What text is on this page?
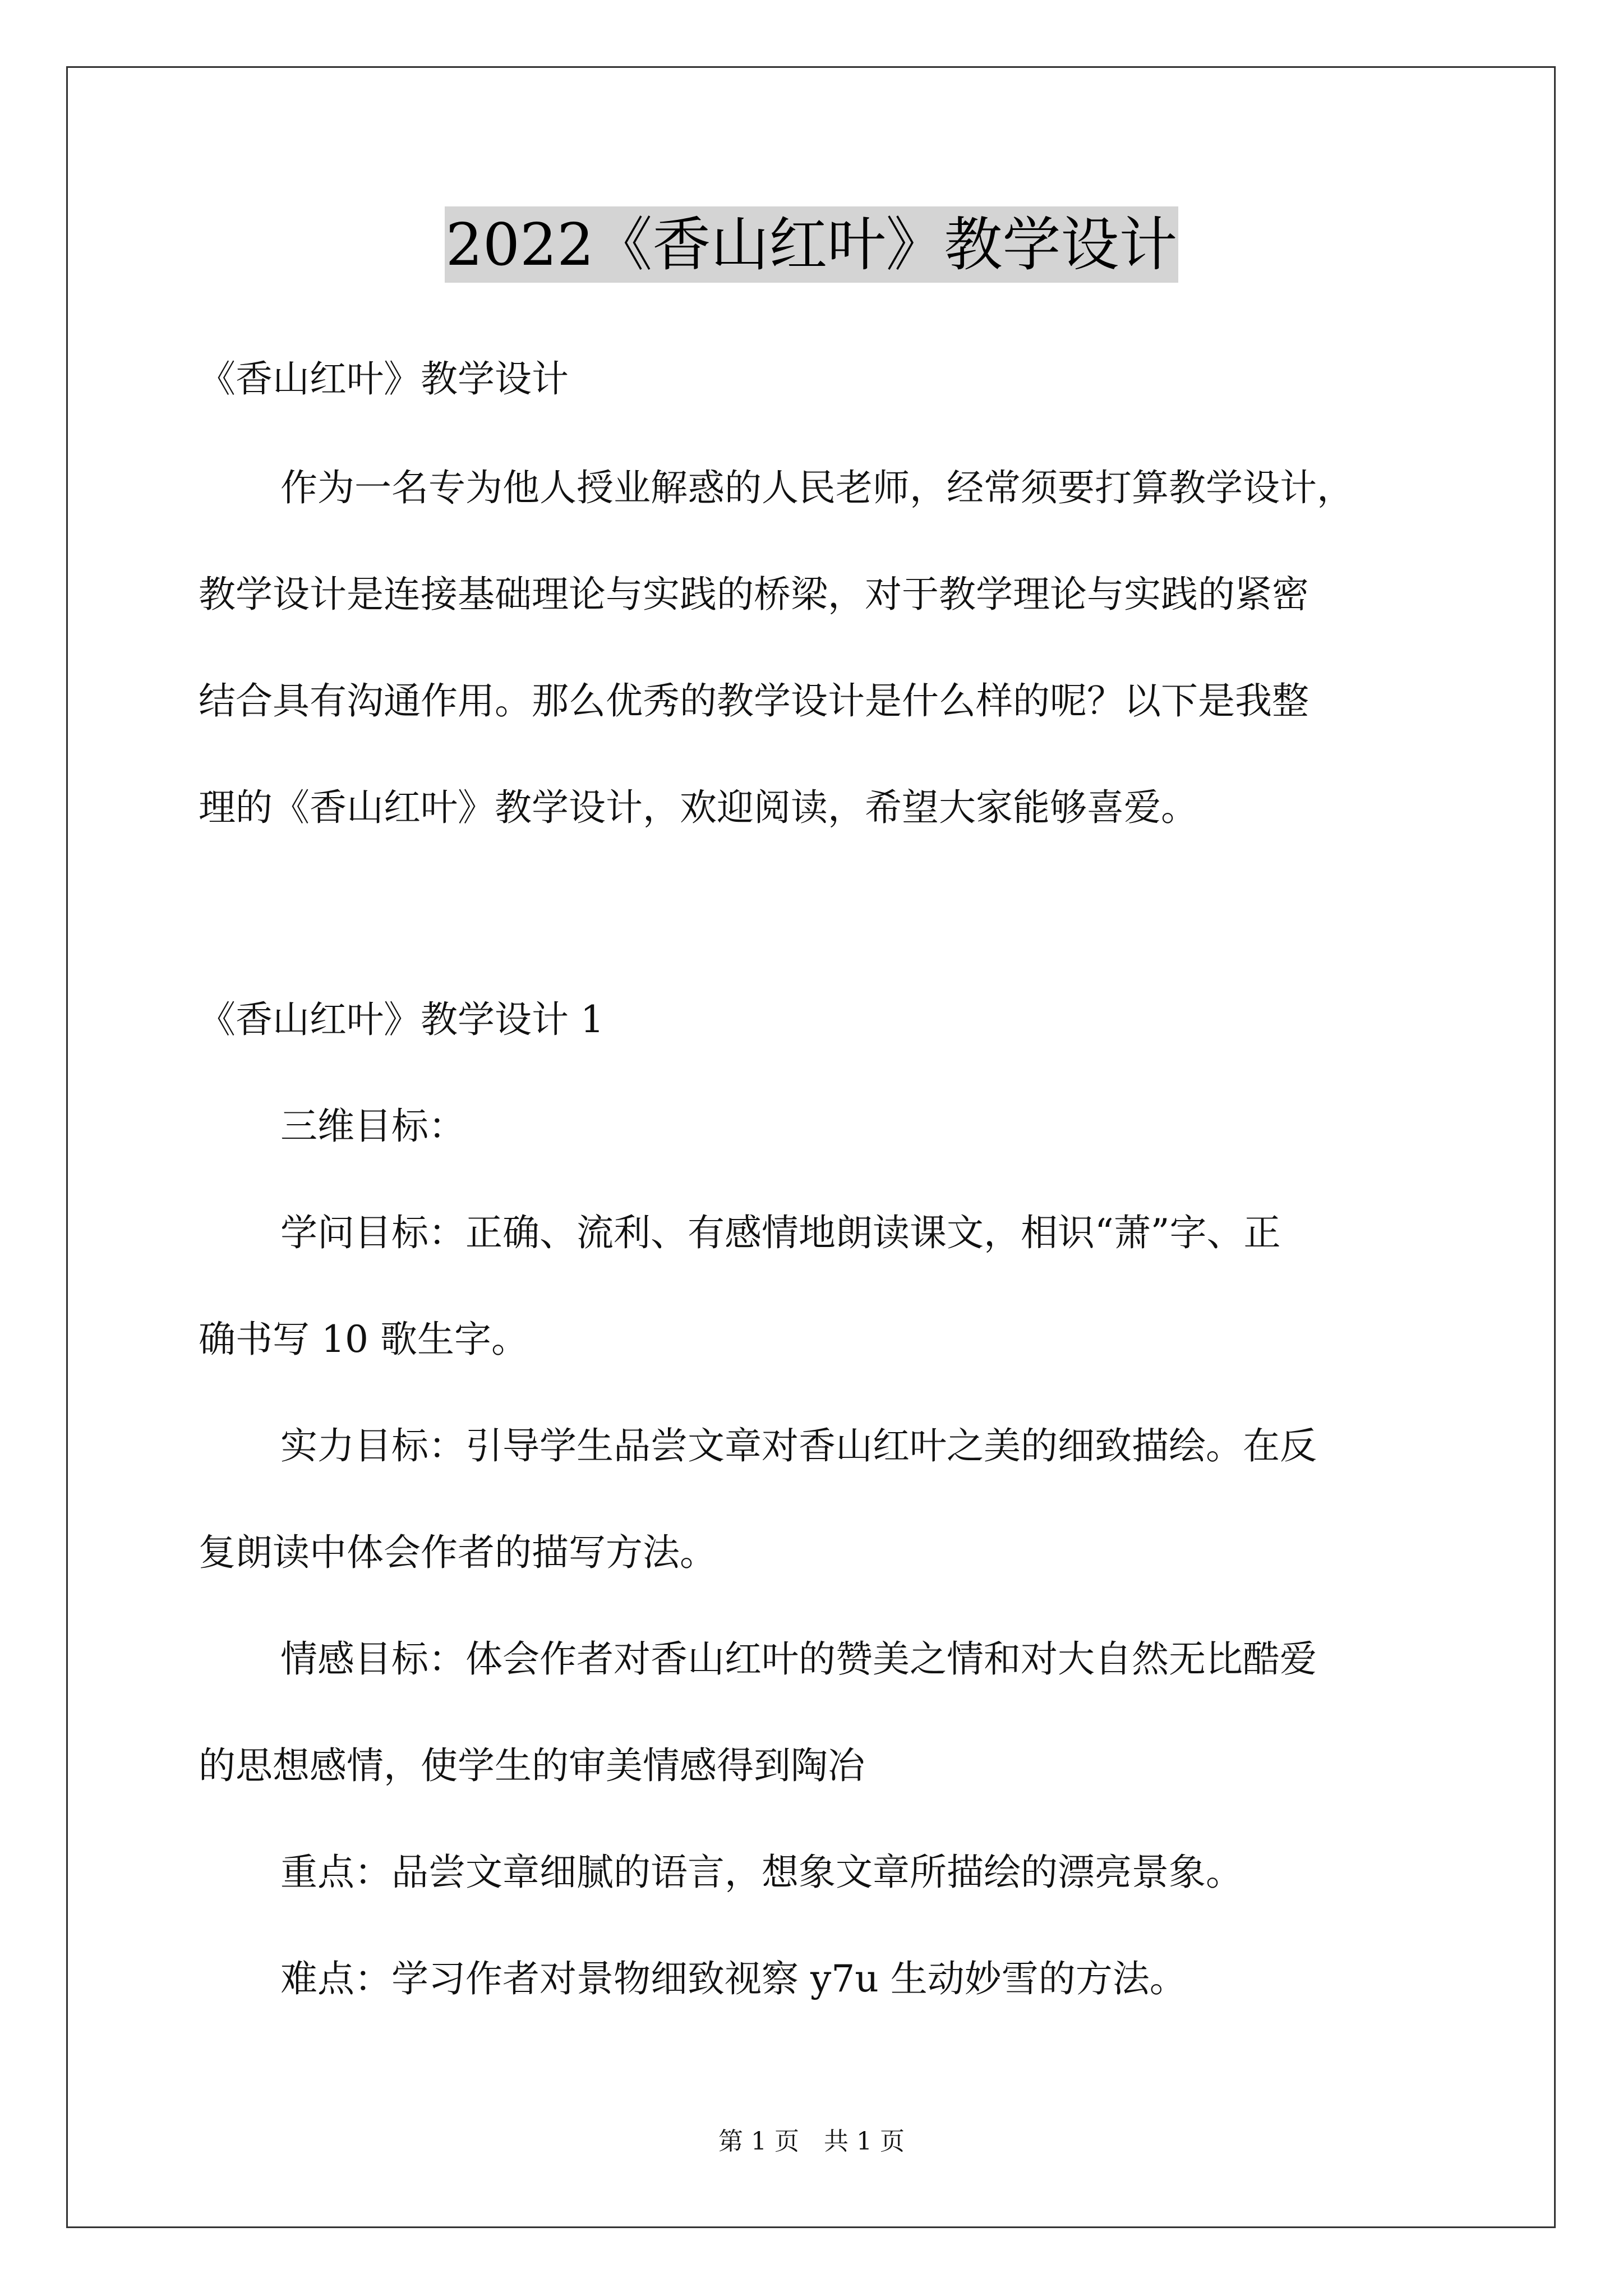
2022《香山红叶》教学设计
《香山红叶》教学设计
作为一名专为他人授业解惑的人民老师，经常须要打算教学设计，
教学设计是连接基础理论与实践的桥梁，对于教学理论与实践的紧密
结合具有沟通作用。那么优秀的教学设计是什么样的呢？以下是我整
理的《香山红叶》教学设计，欢迎阅读，希望大家能够喜爱。
《香山红叶》教学设计 1
三维目标：
学问目标：正确、流利、有感情地朗读课文，相识“萧”字、正
确书写 10 歌生字。
实力目标：引导学生品尝文章对香山红叶之美的细致描绘。在反
复朗读中体会作者的描写方法。
情感目标：体会作者对香山红叶的赞美之情和对大自然无比酷爱
的思想感情，使学生的审美情感得到陶冶
重点：品尝文章细腻的语言，想象文章所描绘的漂亮景象。
难点：学习作者对景物细致视察 y7u 生动妙雪的方法。
第 1 页　共 1 页
